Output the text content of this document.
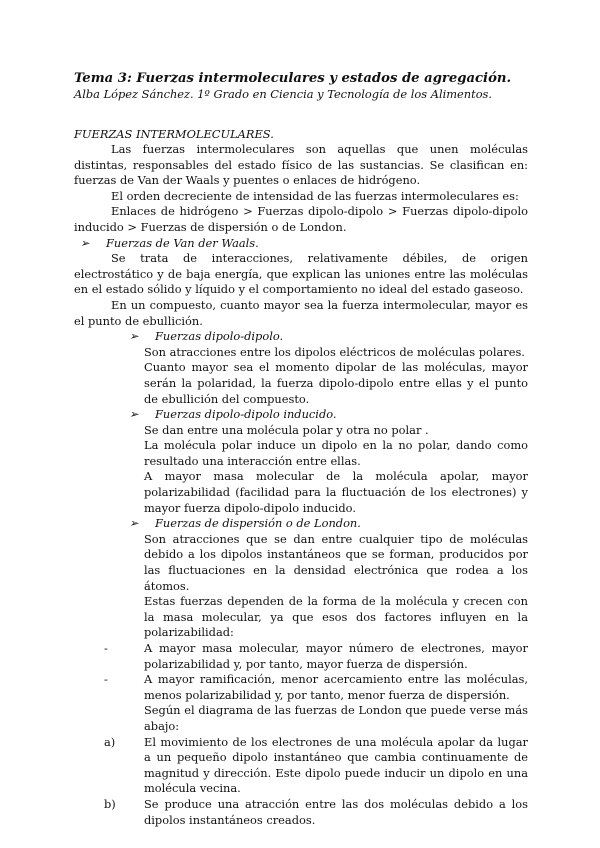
Tema 3: Fuerzas intermoleculares y estados de agregación.
Alba López Sánchez. 1º Grado en Ciencia y Tecnología de los Alimentos.
FUERZAS INTERMOLECULARES.

Las fuerzas intermoleculares son aquellas que unen moléculas distintas, responsables del estado físico de las sustancias. Se clasifican en: fuerzas de Van der Waals y puentes o enlaces de hidrógeno.

El orden decreciente de intensidad de las fuerzas intermoleculares es:

Enlaces de hidrógeno > Fuerzas dipolo-dipolo > Fuerzas dipolo-dipolo inducido > Fuerzas de dispersión o de London.

➢ Fuerzas de Van der Waals.

Se trata de interacciones, relativamente débiles, de origen electrostático y de baja energía, que explican las uniones entre las moléculas en el estado sólido y líquido y el comportamiento no ideal del estado gaseoso.

En un compuesto, cuanto mayor sea la fuerza intermolecular, mayor es el punto de ebullición.

➢ Fuerzas dipolo-dipolo.

Son atracciones entre los dipolos eléctricos de moléculas polares.

Cuanto mayor sea el momento dipolar de las moléculas, mayor serán la polaridad, la fuerza dipolo-dipolo entre ellas y el punto de ebullición del compuesto.

➢ Fuerzas dipolo-dipolo inducido.

Se dan entre una molécula polar y otra no polar .

La molécula polar induce un dipolo en la no polar, dando como resultado una interacción entre ellas.

A mayor masa molecular de la molécula apolar, mayor polarizabilidad (facilidad para la fluctuación de los electrones) y mayor fuerza dipolo-dipolo inducido.

➢ Fuerzas de dispersión o de London.

Son atracciones que se dan entre cualquier tipo de moléculas debido a los dipolos instantáneos que se forman, producidos por las fluctuaciones en la densidad electrónica que rodea a los átomos.

Estas fuerzas dependen de la forma de la molécula y crecen con la masa molecular, ya que esos dos factores influyen en la polarizabilidad:

-	A mayor masa molecular, mayor número de electrones, mayor polarizabilidad y, por tanto, mayor fuerza de dispersión.
-	A mayor ramificación, menor acercamiento entre las moléculas, menos polarizabilidad y, por tanto, menor fuerza de dispersión.

Según el diagrama de las fuerzas de London que puede verse más abajo:

a)	El movimiento de los electrones de una molécula apolar da lugar a un pequeño dipolo instantáneo que cambia continuamente de magnitud y dirección. Este dipolo puede inducir un dipolo en una molécula vecina.
b) Se produce una atracción entre las dos moléculas debido a los dipolos instantáneos creados.
